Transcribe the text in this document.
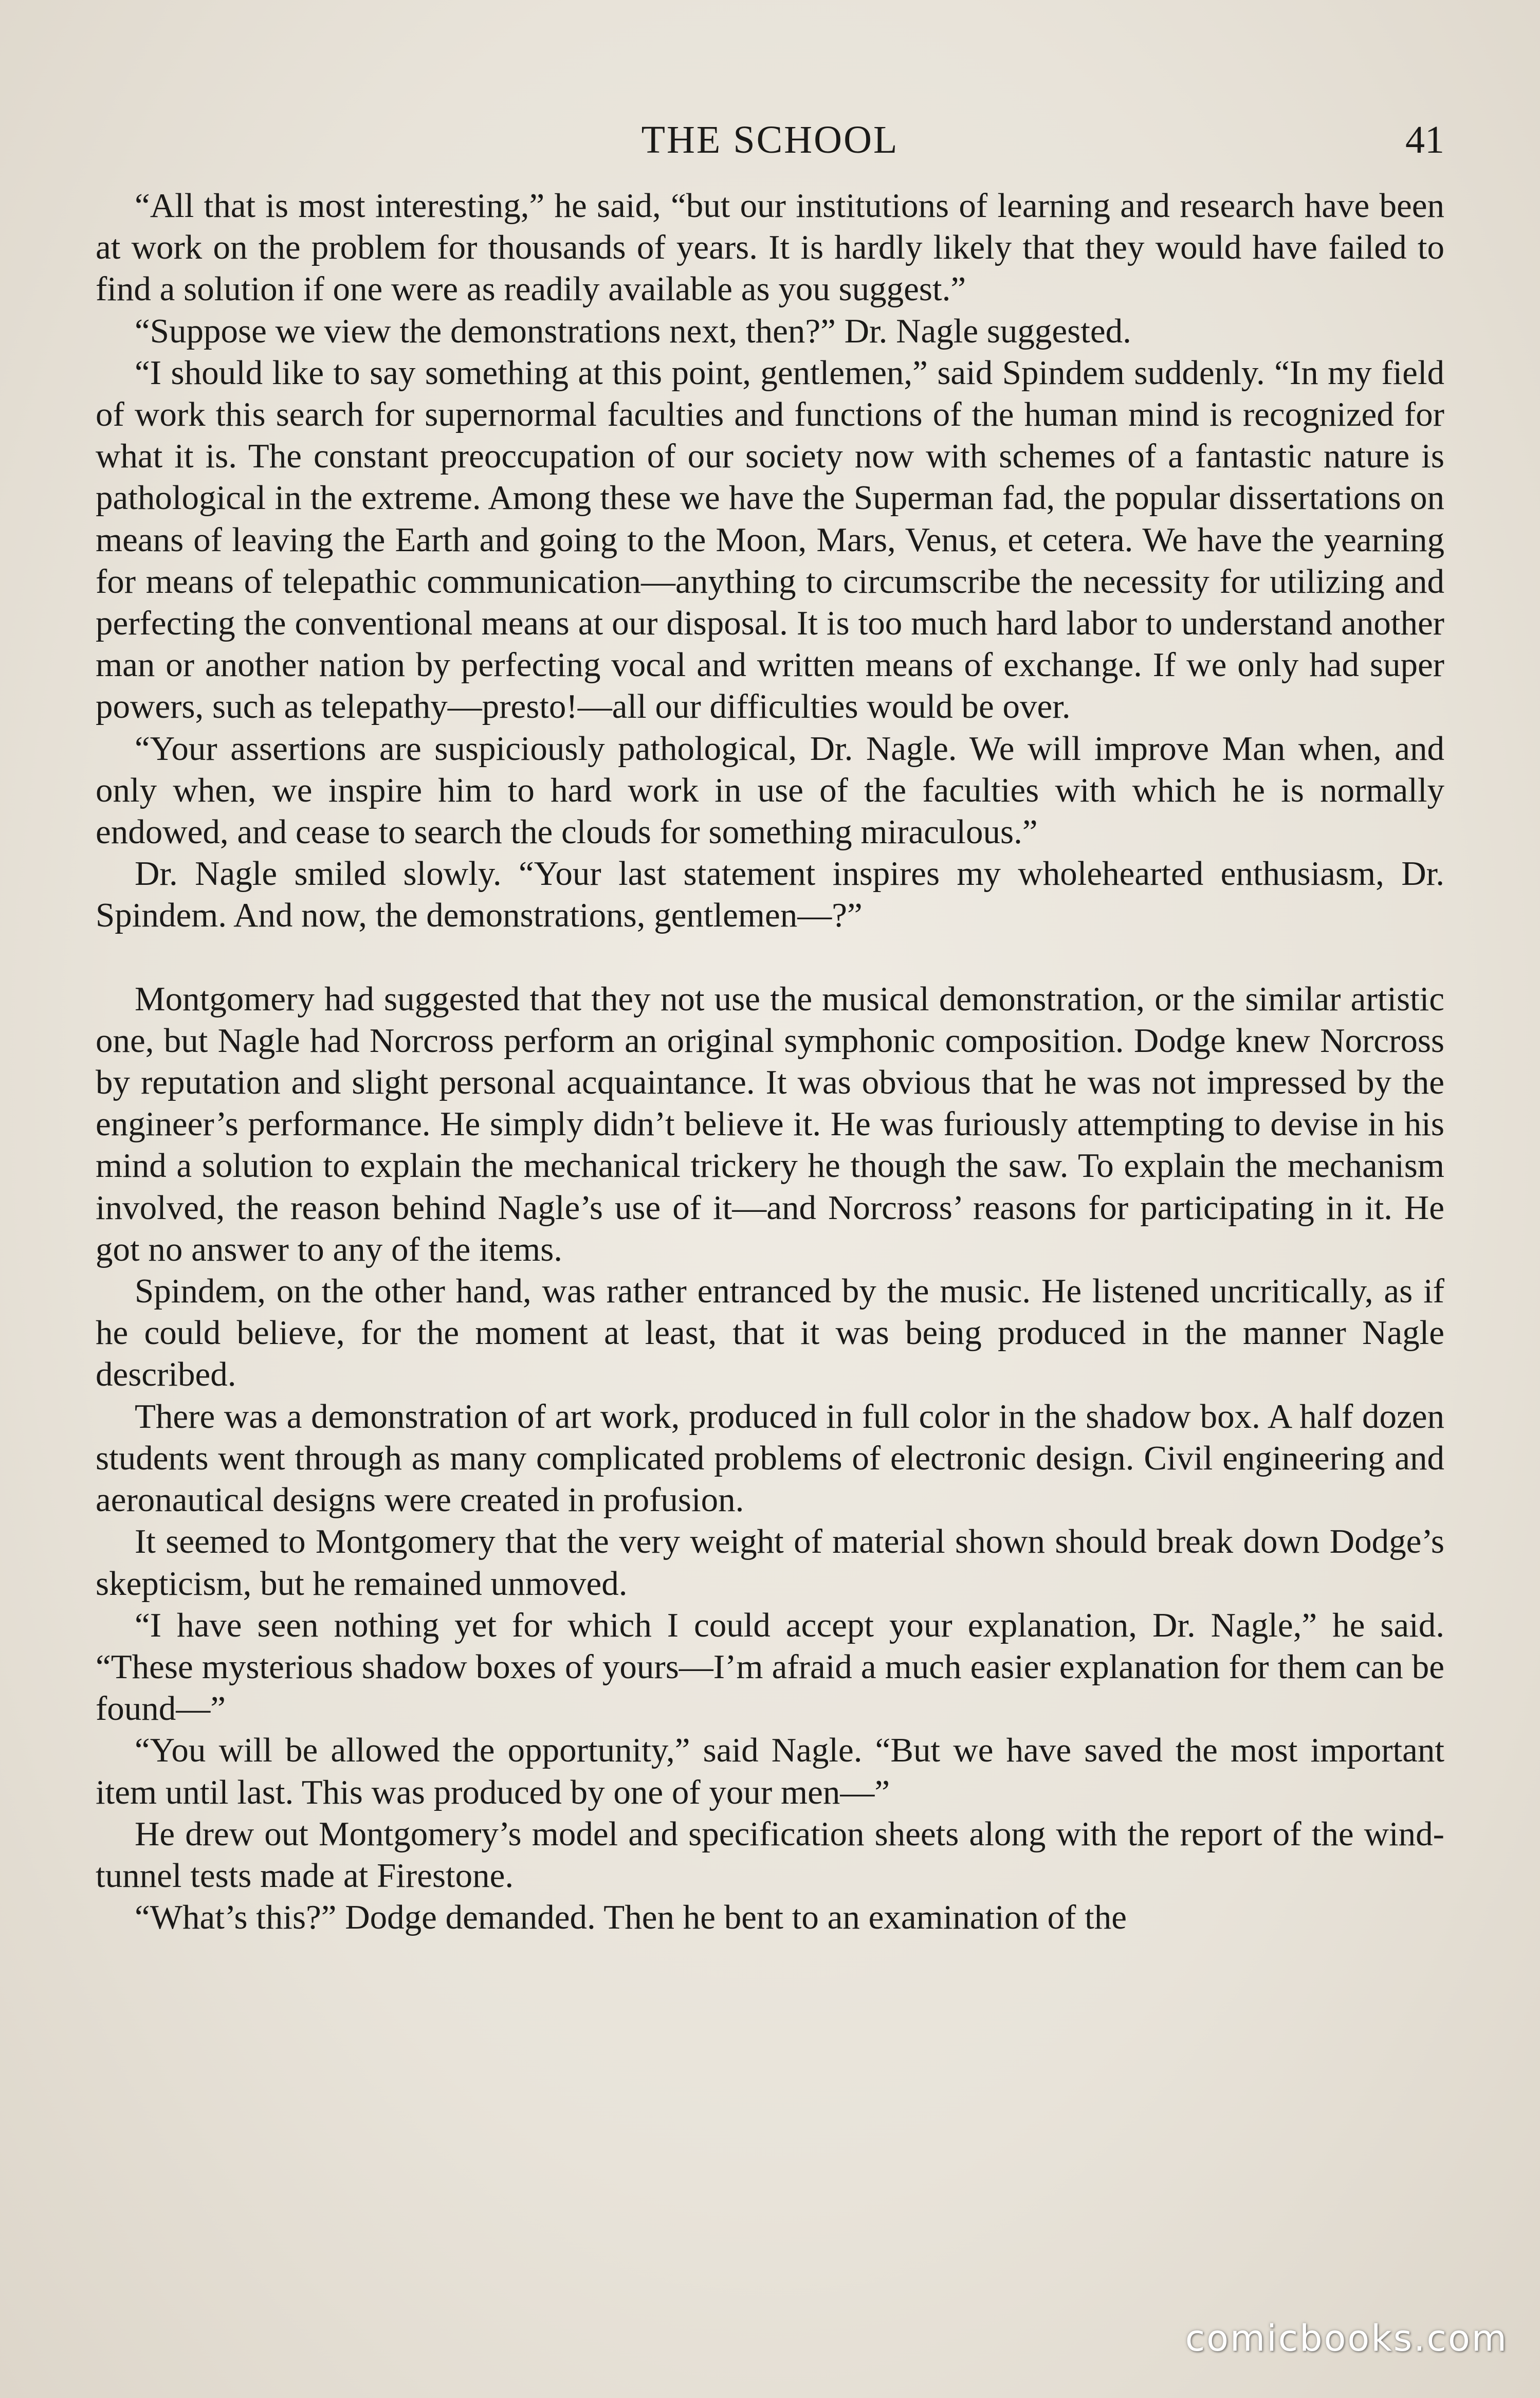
THE SCHOOL	41

“All that is most interesting,” he said, “but our institutions of learning and research have been at work on the problem for thousands of years. It is hardly likely that they would have failed to find a solution if one were as readily available as you suggest.”

“Suppose we view the demonstrations next, then?” Dr. Nagle suggested.

“I should like to say something at this point, gentlemen,” said Spindem suddenly. “In my field of work this search for supernormal faculties and functions of the human mind is recognized for what it is. The constant preoccupation of our society now with schemes of a fantastic nature is pathological in the extreme. Among these we have the Superman fad, the popular dissertations on means of leaving the Earth and going to the Moon, Mars, Venus, et cetera. We have the yearning for means of telepathic communication—anything to circumscribe the necessity for utilizing and perfecting the conventional means at our disposal. It is too much hard labor to understand another man or another nation by perfecting vocal and written means of exchange. If we only had super powers, such as telepathy—presto!—all our difficulties would be over.

“Your assertions are suspiciously pathological, Dr. Nagle. We will improve Man when, and only when, we inspire him to hard work in use of the faculties with which he is normally endowed, and cease to search the clouds for something miraculous.”

Dr. Nagle smiled slowly. “Your last statement inspires my wholehearted enthusiasm, Dr. Spindem. And now, the demonstrations, gentlemen—?”

Montgomery had suggested that they not use the musical demonstration, or the similar artistic one, but Nagle had Norcross perform an original symphonic composition. Dodge knew Norcross by reputation and slight personal acquaintance. It was obvious that he was not impressed by the engineer’s performance. He simply didn’t believe it. He was furiously attempting to devise in his mind a solution to explain the mechanical trickery he though the saw. To explain the mechanism involved, the reason behind Nagle’s use of it—and Norcross’ reasons for participating in it. He got no answer to any of the items.

Spindem, on the other hand, was rather entranced by the music. He listened uncritically, as if he could believe, for the moment at least, that it was being produced in the manner Nagle described.

There was a demonstration of art work, produced in full color in the shadow box. A half dozen students went through as many complicated problems of electronic design. Civil engineering and aeronautical designs were created in profusion.

It seemed to Montgomery that the very weight of material shown should break down Dodge’s skepticism, but he remained unmoved.

“I have seen nothing yet for which I could accept your explanation, Dr. Nagle,” he said. “These mysterious shadow boxes of yours—I’m afraid a much easier explanation for them can be found—”

“You will be allowed the opportunity,” said Nagle. “But we have saved the most important item until last. This was produced by one of your men—”

He drew out Montgomery’s model and specification sheets along with the report of the wind-tunnel tests made at Firestone.

“What’s this?” Dodge demanded. Then he bent to an examination of the

comicbooks.com
